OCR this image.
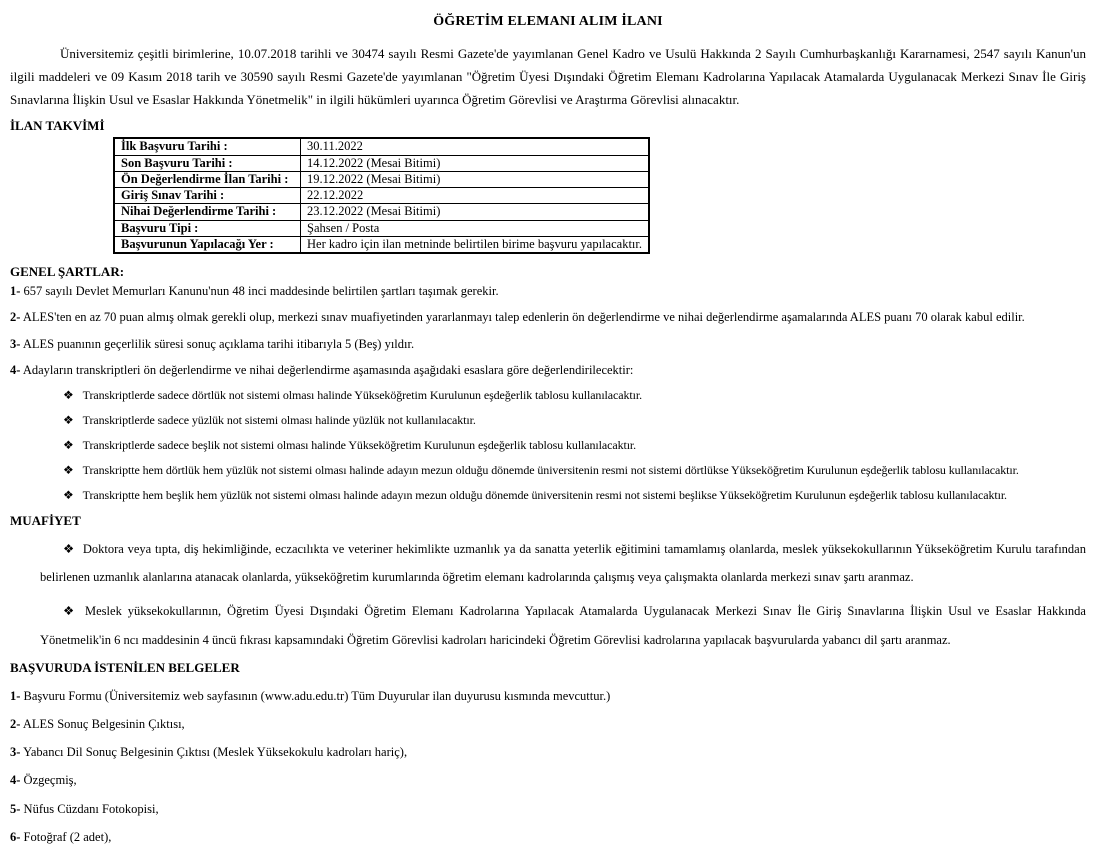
ÖĞRETİM ELEMANI ALIM İLANI

Üniversitemiz çeşitli birimlerine, 10.07.2018 tarihli ve 30474 sayılı Resmi Gazete'de yayımlanan Genel Kadro ve Usulü Hakkında 2 Sayılı Cumhurbaşkanlığı Kararnamesi, 2547 sayılı Kanun'un ilgili maddeleri ve 09 Kasım 2018 tarih ve 30590 sayılı Resmi Gazete'de yayımlanan "Öğretim Üyesi Dışındaki Öğretim Elemanı Kadrolarına Yapılacak Atamalarda Uygulanacak Merkezi Sınav İle Giriş Sınavlarına İlişkin Usul ve Esaslar Hakkında Yönetmelik" in ilgili hükümleri uyarınca Öğretim Görevlisi ve Araştırma Görevlisi alınacaktır.

İLAN TAKVİMİ
İlk Başvuru Tarihi :	30.11.2022
Son Başvuru Tarihi :	14.12.2022 (Mesai Bitimi)
Ön Değerlendirme İlan Tarihi :	19.12.2022 (Mesai Bitimi)
Giriş Sınav Tarihi :	22.12.2022
Nihai Değerlendirme Tarihi :	23.12.2022 (Mesai Bitimi)
Başvuru Tipi :	Şahsen / Posta
Başvurunun Yapılacağı Yer :	Her kadro için ilan metninde belirtilen birime başvuru yapılacaktır.
GENEL ŞARTLAR:

1- 657 sayılı Devlet Memurları Kanunu'nun 48 inci maddesinde belirtilen şartları taşımak gerekir.

2- ALES'ten en az 70 puan almış olmak gerekli olup, merkezi sınav muafiyetinden yararlanmayı talep edenlerin ön değerlendirme ve nihai değerlendirme aşamalarında ALES puanı 70 olarak kabul edilir.

3- ALES puanının geçerlilik süresi sonuç açıklama tarihi itibarıyla 5 (Beş) yıldır.

4- Adayların transkriptleri ön değerlendirme ve nihai değerlendirme aşamasında aşağıdaki esaslara göre değerlendirilecektir:

❖ Transkriptlerde sadece dörtlük not sistemi olması halinde Yükseköğretim Kurulunun eşdeğerlik tablosu kullanılacaktır.

❖ Transkriptlerde sadece yüzlük not sistemi olması halinde yüzlük not kullanılacaktır.

❖ Transkriptlerde sadece beşlik not sistemi olması halinde Yükseköğretim Kurulunun eşdeğerlik tablosu kullanılacaktır.

❖ Transkriptte hem dörtlük hem yüzlük not sistemi olması halinde adayın mezun olduğu dönemde üniversitenin resmi not sistemi dörtlükse Yükseköğretim Kurulunun eşdeğerlik tablosu kullanılacaktır.

❖ Transkriptte hem beşlik hem yüzlük not sistemi olması halinde adayın mezun olduğu dönemde üniversitenin resmi not sistemi beşlikse Yükseköğretim Kurulunun eşdeğerlik tablosu kullanılacaktır.

MUAFİYET

❖ Doktora veya tıpta, diş hekimliğinde, eczacılıkta ve veteriner hekimlikte uzmanlık ya da sanatta yeterlik eğitimini tamamlamış olanlarda, meslek yüksekokullarının Yükseköğretim Kurulu tarafından belirlenen uzmanlık alanlarına atanacak olanlarda, yükseköğretim kurumlarında öğretim elemanı kadrolarında çalışmış veya çalışmakta olanlarda merkezi sınav şartı aranmaz.

❖ Meslek yüksekokullarının, Öğretim Üyesi Dışındaki Öğretim Elemanı Kadrolarına Yapılacak Atamalarda Uygulanacak Merkezi Sınav İle Giriş Sınavlarına İlişkin Usul ve Esaslar Hakkında Yönetmelik'in 6 ncı maddesinin 4 üncü fıkrası kapsamındaki Öğretim Görevlisi kadroları haricindeki Öğretim Görevlisi kadrolarına yapılacak başvurularda yabancı dil şartı aranmaz.

BAŞVURUDA İSTENİLEN BELGELER

1- Başvuru Formu (Üniversitemiz web sayfasının (www.adu.edu.tr) Tüm Duyurular ilan duyurusu kısmında mevcuttur.)

2- ALES Sonuç Belgesinin Çıktısı,

3- Yabancı Dil Sonuç Belgesinin Çıktısı (Meslek Yüksekokulu kadroları hariç),

4- Özgeçmiş,

5- Nüfus Cüzdanı Fotokopisi,

6- Fotoğraf (2 adet),
